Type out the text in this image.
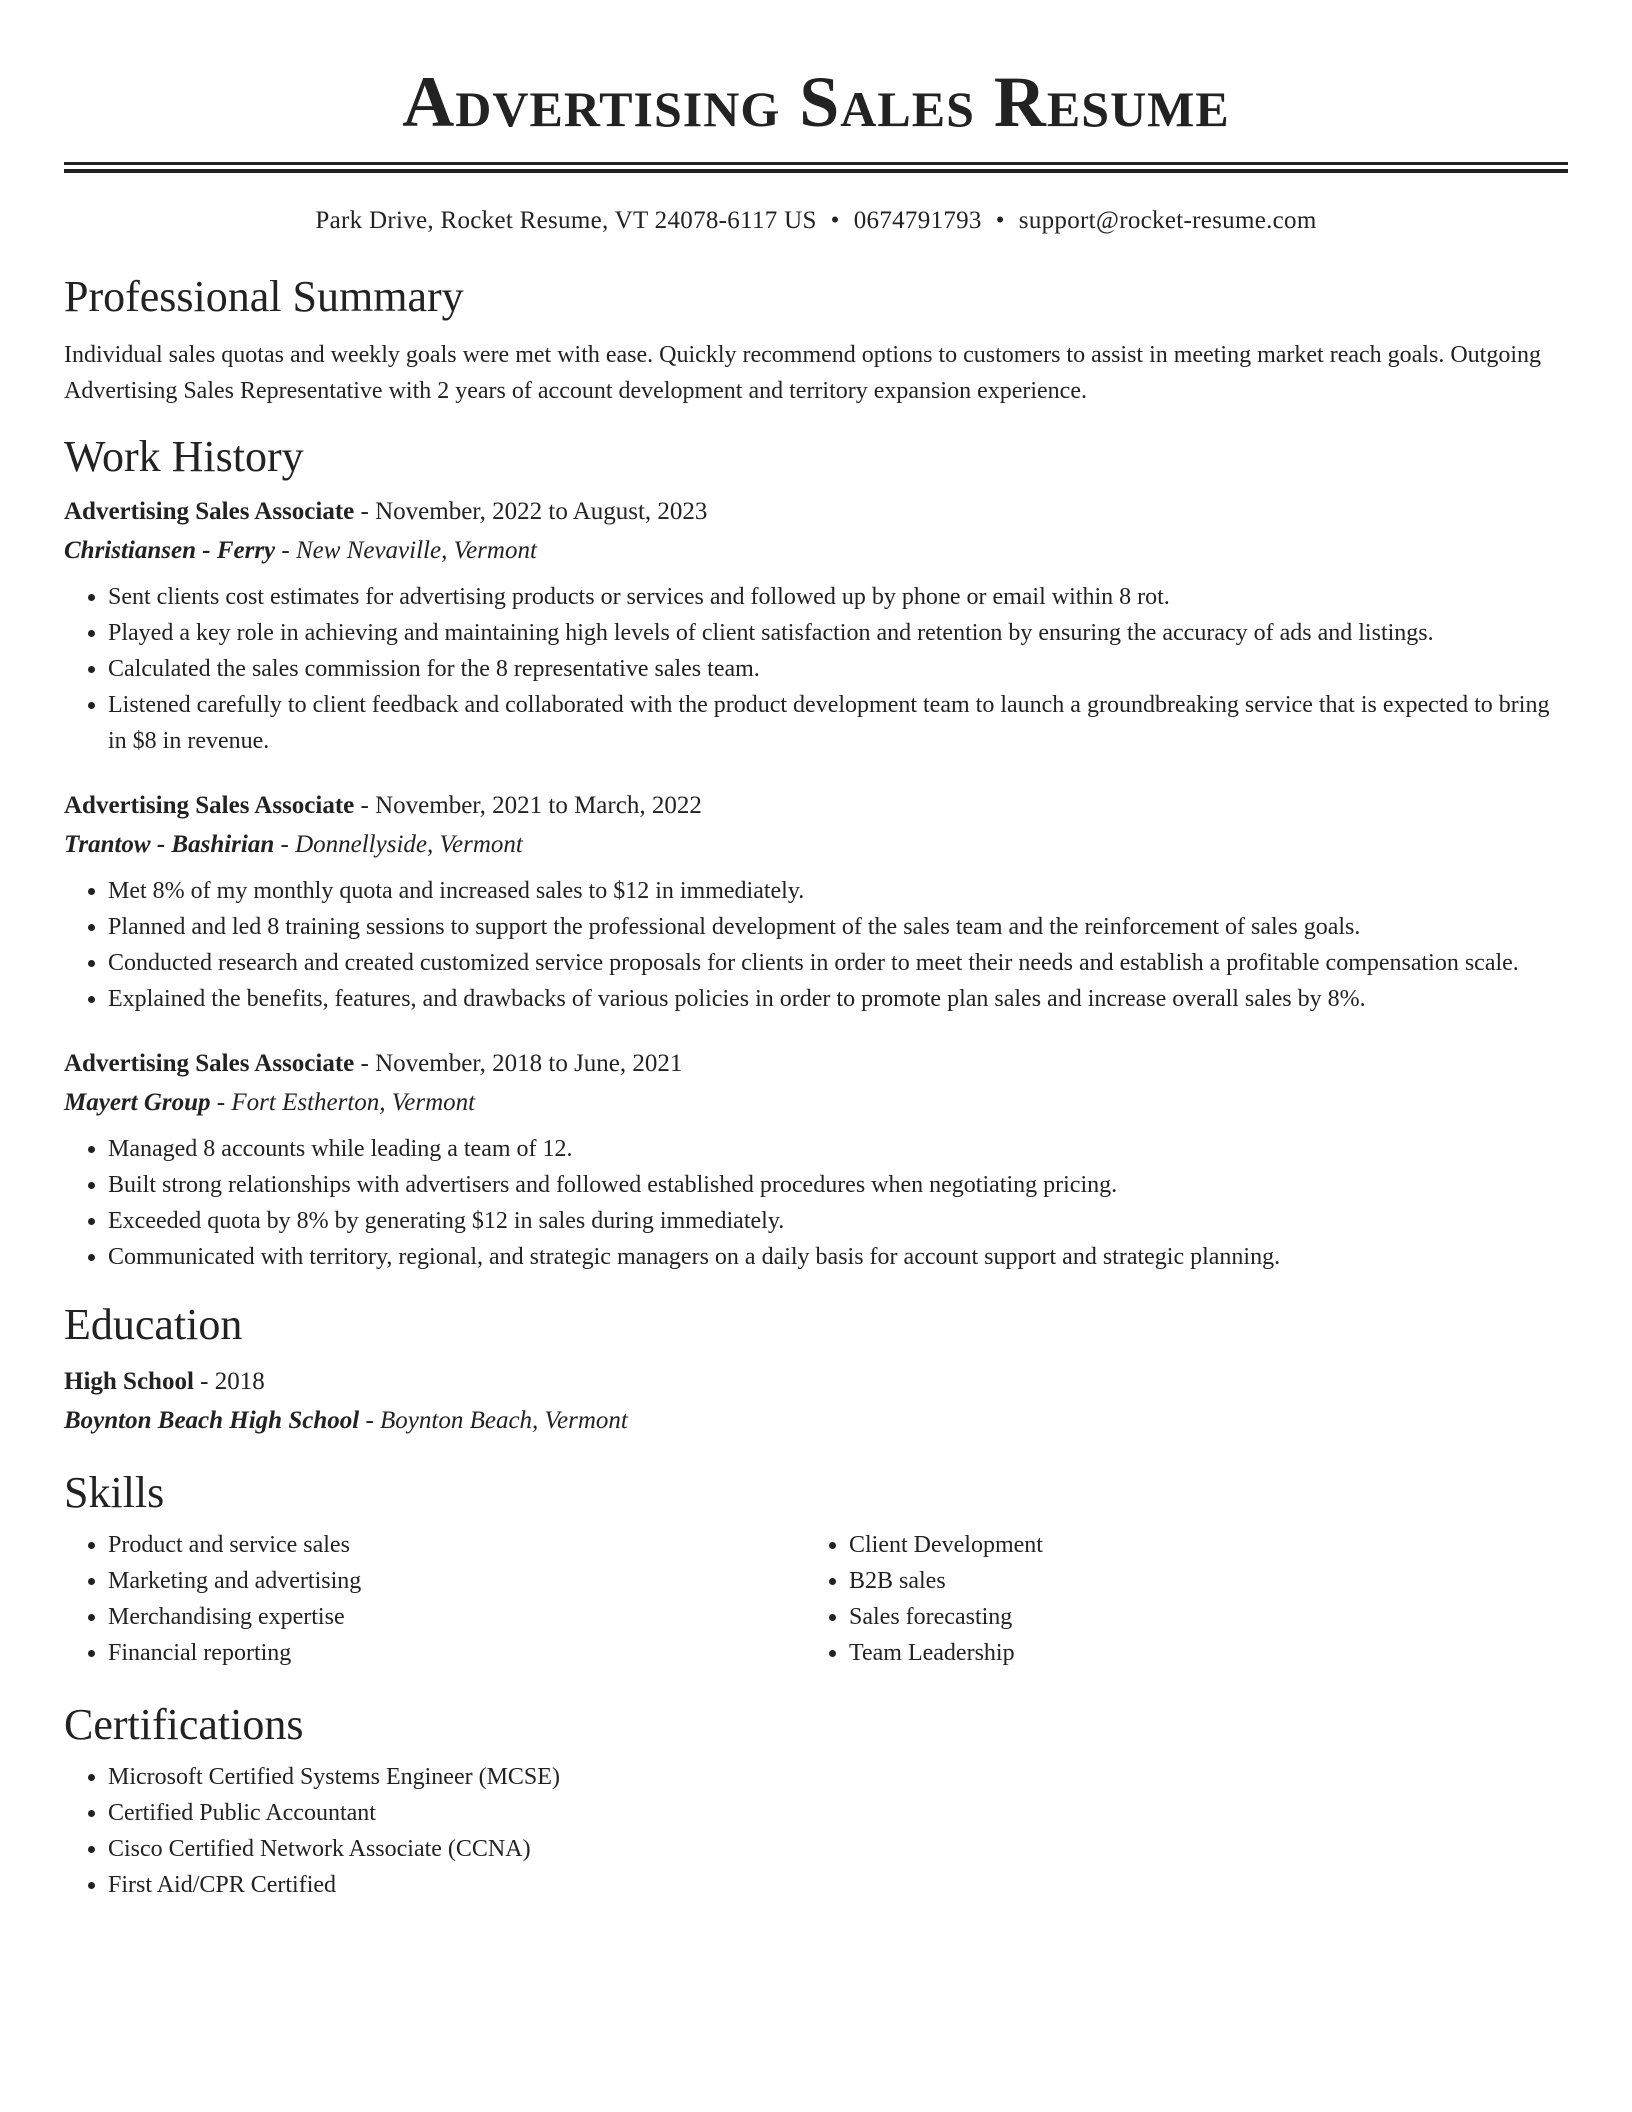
Advertising Sales Resume
Park Drive, Rocket Resume, VT 24078-6117 US • 0674791793 • support@rocket-resume.com
Professional Summary

Individual sales quotas and weekly goals were met with ease. Quickly recommend options to customers to assist in meeting market reach goals. Outgoing Advertising Sales Representative with 2 years of account development and territory expansion experience.

Work History
Advertising Sales Associate - November, 2022 to August, 2023
Christiansen - Ferry - New Nevaville, Vermont
• Sent clients cost estimates for advertising products or services and followed up by phone or email within 8 rot.
• Played a key role in achieving and maintaining high levels of client satisfaction and retention by ensuring the accuracy of ads and listings.
• Calculated the sales commission for the 8 representative sales team.
• Listened carefully to client feedback and collaborated with the product development team to launch a groundbreaking service that is expected to bring in $8 in revenue.
Advertising Sales Associate - November, 2021 to March, 2022
Trantow - Bashirian - Donnellyside, Vermont
• Met 8% of my monthly quota and increased sales to $12 in immediately.
• Planned and led 8 training sessions to support the professional development of the sales team and the reinforcement of sales goals.
• Conducted research and created customized service proposals for clients in order to meet their needs and establish a profitable compensation scale.
• Explained the benefits, features, and drawbacks of various policies in order to promote plan sales and increase overall sales by 8%.
Advertising Sales Associate - November, 2018 to June, 2021
Mayert Group - Fort Estherton, Vermont
• Managed 8 accounts while leading a team of 12.
• Built strong relationships with advertisers and followed established procedures when negotiating pricing.
• Exceeded quota by 8% by generating $12 in sales during immediately.
• Communicated with territory, regional, and strategic managers on a daily basis for account support and strategic planning.
Education
High School - 2018
Boynton Beach High School - Boynton Beach, Vermont
Skills
• Product and service sales
• Marketing and advertising
• Merchandising expertise
• Financial reporting
• Client Development
• B2B sales
• Sales forecasting
• Team Leadership
Certifications
• Microsoft Certified Systems Engineer (MCSE)
• Certified Public Accountant
• Cisco Certified Network Associate (CCNA)
• First Aid/CPR Certified
